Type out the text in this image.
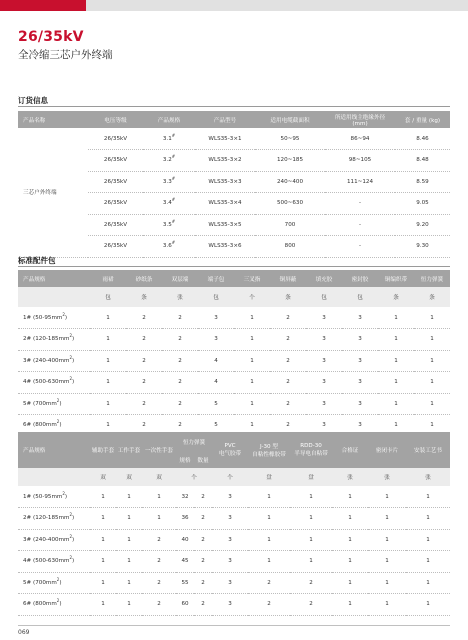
26/35kV
全冷缩三芯户外终端
订货信息
产品名称	电压等级	产品规格	产品型号	适用电缆截面积	所适用线主绝缘外径
(mm)	套 / 重量 (kg)
三芯户外终端	26/35kV	3.1#	WLS35-3×1	50~95	86~94	8.46
	26/35kV	3.2#	WLS35-3×2	120~185	98~105	8.48
	26/35kV	3.3#	WLS35-3×3	240~400	111~124	8.59
	26/35kV	3.4#	WLS35-3×4	500~630	-	9.05
	26/35kV	3.5#	WLS35-3×5	700	-	9.20
	26/35kV	3.6#	WLS35-3×6	800	-	9.30
标准配件包
产品规格	雨裙	砂纸条	双层端	端子包	三叉指	铜屏蔽	填充胶	密封胶	铜编织带	恒力弹簧
	包	条	张	包	个	条	包	包	条	条
1# $(50-95mm^2)$	1	2	2	3	1	2	3	3	1	1
2# $(120-185mm^2)$	1	2	2	3	1	2	3	3	1	1
3# $(240-400mm^2)$	1	2	2	4	1	2	3	3	1	1
4# $(500-630mm^2)$	1	2	2	4	1	2	3	3	1	1
5# $(700mm^2)$	1	2	2	5	1	2	3	3	1	1
6# $(800mm^2)$	1	2	2	5	1	2	3	3	1	1
产品规格	辅助手套	工作手套	一次性手套	恒力弹簧		PVC
电气胶带	J-30 型
自粘性橡胶带	RDD-30
半导电自粘带	合格证	密闭卡片	安装工艺书
				规格	数量						
	双	双	双	个		个	盘	盘	张	张	张
1# $(50-95mm^2)$	1	1	1	32	2	3	1	1	1	1	1
2# $(120-185mm^2)$	1	1	1	36	2	3	1	1	1	1	1
3# $(240-400mm^2)$	1	1	2	40	2	3	1	1	1	1	1
4# $(500-630mm^2)$	1	1	2	45	2	3	1	1	1	1	1
5# $(700mm^2)$	1	1	2	55	2	3	2	2	1	1	1
6# $(800mm^2)$	1	1	2	60	2	3	2	2	1	1	1
069
